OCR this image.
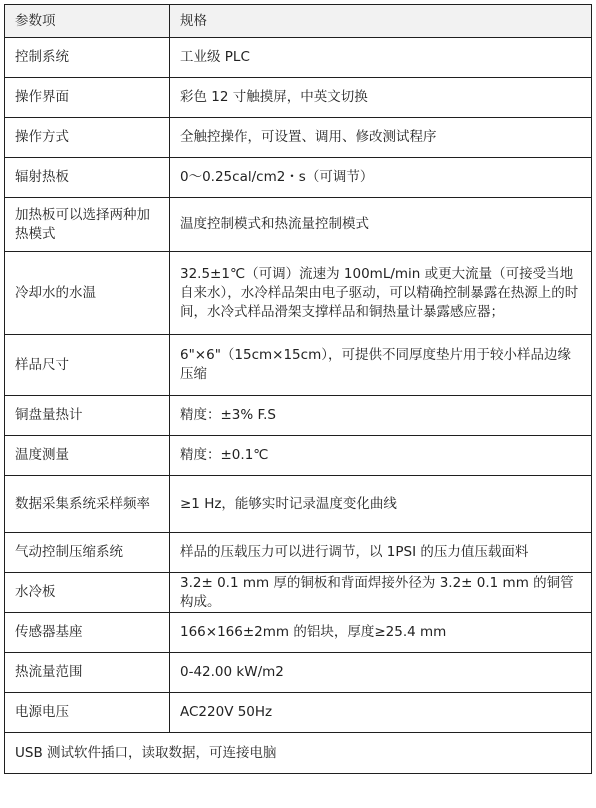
参数项	规格
控制系统	工业级 PLC
操作界面	彩色 12 寸触摸屏，中英文切换
操作方式	全触控操作，可设置、调用、修改测试程序
辐射热板	0～0.25cal/cm2・s（可调节）
加热板可以选择两种加热模式	温度控制模式和热流量控制模式
冷却水的水温	32.5±1℃（可调）流速为 100mL/min 或更大流量（可接受当地自来水），水冷样品架由电子驱动，可以精确控制暴露在热源上的时间，水冷式样品滑架支撑样品和铜热量计暴露感应器；
样品尺寸	6"×6"（15cm×15cm），可提供不同厚度垫片用于较小样品边缘压缩
铜盘量热计	精度：±3% F.S
温度测量	精度：±0.1℃
数据采集系统采样频率	≥1 Hz，能够实时记录温度变化曲线
气动控制压缩系统	样品的压载压力可以进行调节，以 1PSI 的压力值压载面料
水冷板	3.2± 0.1 mm 厚的铜板和背面焊接外径为 3.2± 0.1 mm 的铜管构成。
传感器基座	166×166±2mm 的铝块，厚度≥25.4 mm
热流量范围	0-42.00 kW/m2
电源电压	AC220V 50Hz
USB 测试软件插口，读取数据，可连接电脑	
